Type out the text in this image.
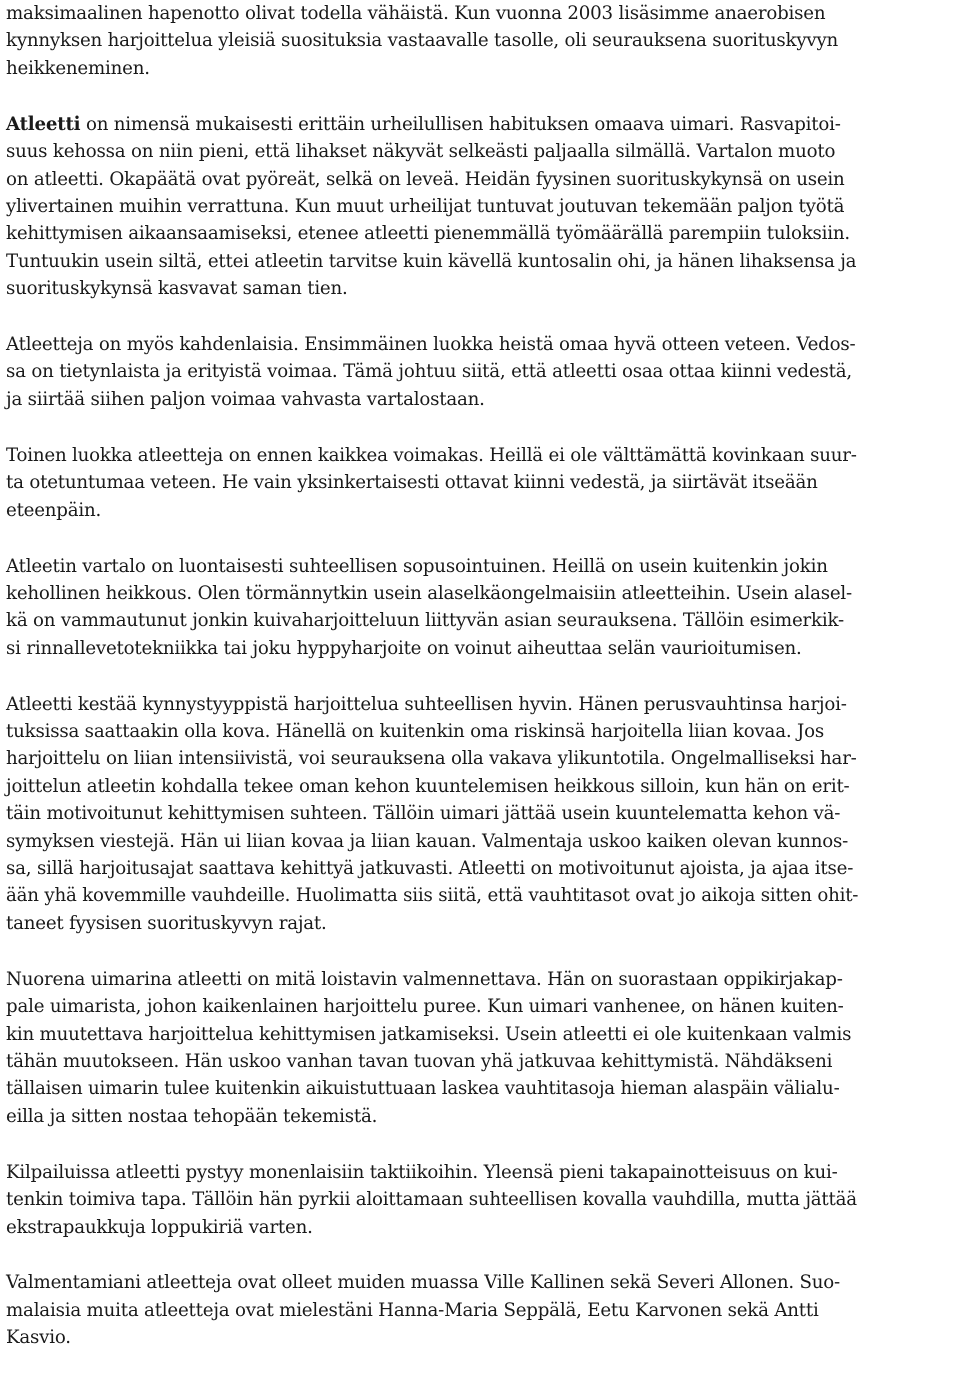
maksimaalinen hapenotto olivat todella vähäistä. Kun vuonna 2003 lisäsimme anaerobisen
kynnyksen harjoittelua yleisiä suosituksia vastaavalle tasolle, oli seurauksena suorituskyvyn
heikkeneminen.

Atleetti on nimensä mukaisesti erittäin urheilullisen habituksen omaava uimari. Rasvapitoi-
suus kehossa on niin pieni, että lihakset näkyvät selkeästi paljaalla silmällä. Vartalon muoto
on atleetti. Okapäätä ovat pyöreät, selkä on leveä. Heidän fyysinen suorituskykynsä on usein
ylivertainen muihin verrattuna. Kun muut urheilijat tuntuvat joutuvan tekemään paljon työtä
kehittymisen aikaansaamiseksi, etenee atleetti pienemmällä työmäärällä parempiin tuloksiin.
Tuntuukin usein siltä, ettei atleetin tarvitse kuin kävellä kuntosalin ohi, ja hänen lihaksensa ja
suorituskykynsä kasvavat saman tien.

Atleetteja on myös kahdenlaisia. Ensimmäinen luokka heistä omaa hyvä otteen veteen. Vedos-
sa on tietynlaista ja erityistä voimaa. Tämä johtuu siitä, että atleetti osaa ottaa kiinni vedestä,
ja siirtää siihen paljon voimaa vahvasta vartalostaan.

Toinen luokka atleetteja on ennen kaikkea voimakas. Heillä ei ole välttämättä kovinkaan suur-
ta otetuntumaa veteen. He vain yksinkertaisesti ottavat kiinni vedestä, ja siirtävät itseään
eteenpäin.

Atleetin vartalo on luontaisesti suhteellisen sopusointuinen. Heillä on usein kuitenkin jokin
kehollinen heikkous. Olen törmännytkin usein alaselkäongelmaisiin atleetteihin. Usein alasel-
kä on vammautunut jonkin kuivaharjoitteluun liittyvän asian seurauksena. Tällöin esimerkik-
si rinnallevetotekniikka tai joku hyppyharjoite on voinut aiheuttaa selän vaurioitumisen.

Atleetti kestää kynnystyyppistä harjoittelua suhteellisen hyvin. Hänen perusvauhtinsa harjoi-
tuksissa saattaakin olla kova. Hänellä on kuitenkin oma riskinsä harjoitella liian kovaa. Jos
harjoittelu on liian intensiivistä, voi seurauksena olla vakava ylikuntotila. Ongelmalliseksi har-
joittelun atleetin kohdalla tekee oman kehon kuuntelemisen heikkous silloin, kun hän on erit-
täin motivoitunut kehittymisen suhteen. Tällöin uimari jättää usein kuuntelematta kehon vä-
symyksen viestejä. Hän ui liian kovaa ja liian kauan. Valmentaja uskoo kaiken olevan kunnos-
sa, sillä harjoitusajat saattava kehittyä jatkuvasti. Atleetti on motivoitunut ajoista, ja ajaa itse-
ään yhä kovemmille vauhdeille. Huolimatta siis siitä, että vauhtitasot ovat jo aikoja sitten ohit-
taneet fyysisen suorituskyvyn rajat.

Nuorena uimarina atleetti on mitä loistavin valmennettava. Hän on suorastaan oppikirjakap-
pale uimarista, johon kaikenlainen harjoittelu puree. Kun uimari vanhenee, on hänen kuiten-
kin muutettava harjoittelua kehittymisen jatkamiseksi. Usein atleetti ei ole kuitenkaan valmis
tähän muutokseen. Hän uskoo vanhan tavan tuovan yhä jatkuvaa kehittymistä. Nähdäkseni
tällaisen uimarin tulee kuitenkin aikuistuttuaan laskea vauhtitasoja hieman alaspäin välialu-
eilla ja sitten nostaa tehopään tekemistä.

Kilpailuissa atleetti pystyy monenlaisiin taktiikoihin. Yleensä pieni takapainotteisuus on kui-
tenkin toimiva tapa. Tällöin hän pyrkii aloittamaan suhteellisen kovalla vauhdilla, mutta jättää
ekstrapaukkuja loppukiriä varten.

Valmentamiani atleetteja ovat olleet muiden muassa Ville Kallinen sekä Severi Allonen. Suo-
malaisia muita atleetteja ovat mielestäni Hanna-Maria Seppälä, Eetu Karvonen sekä Antti
Kasvio.
